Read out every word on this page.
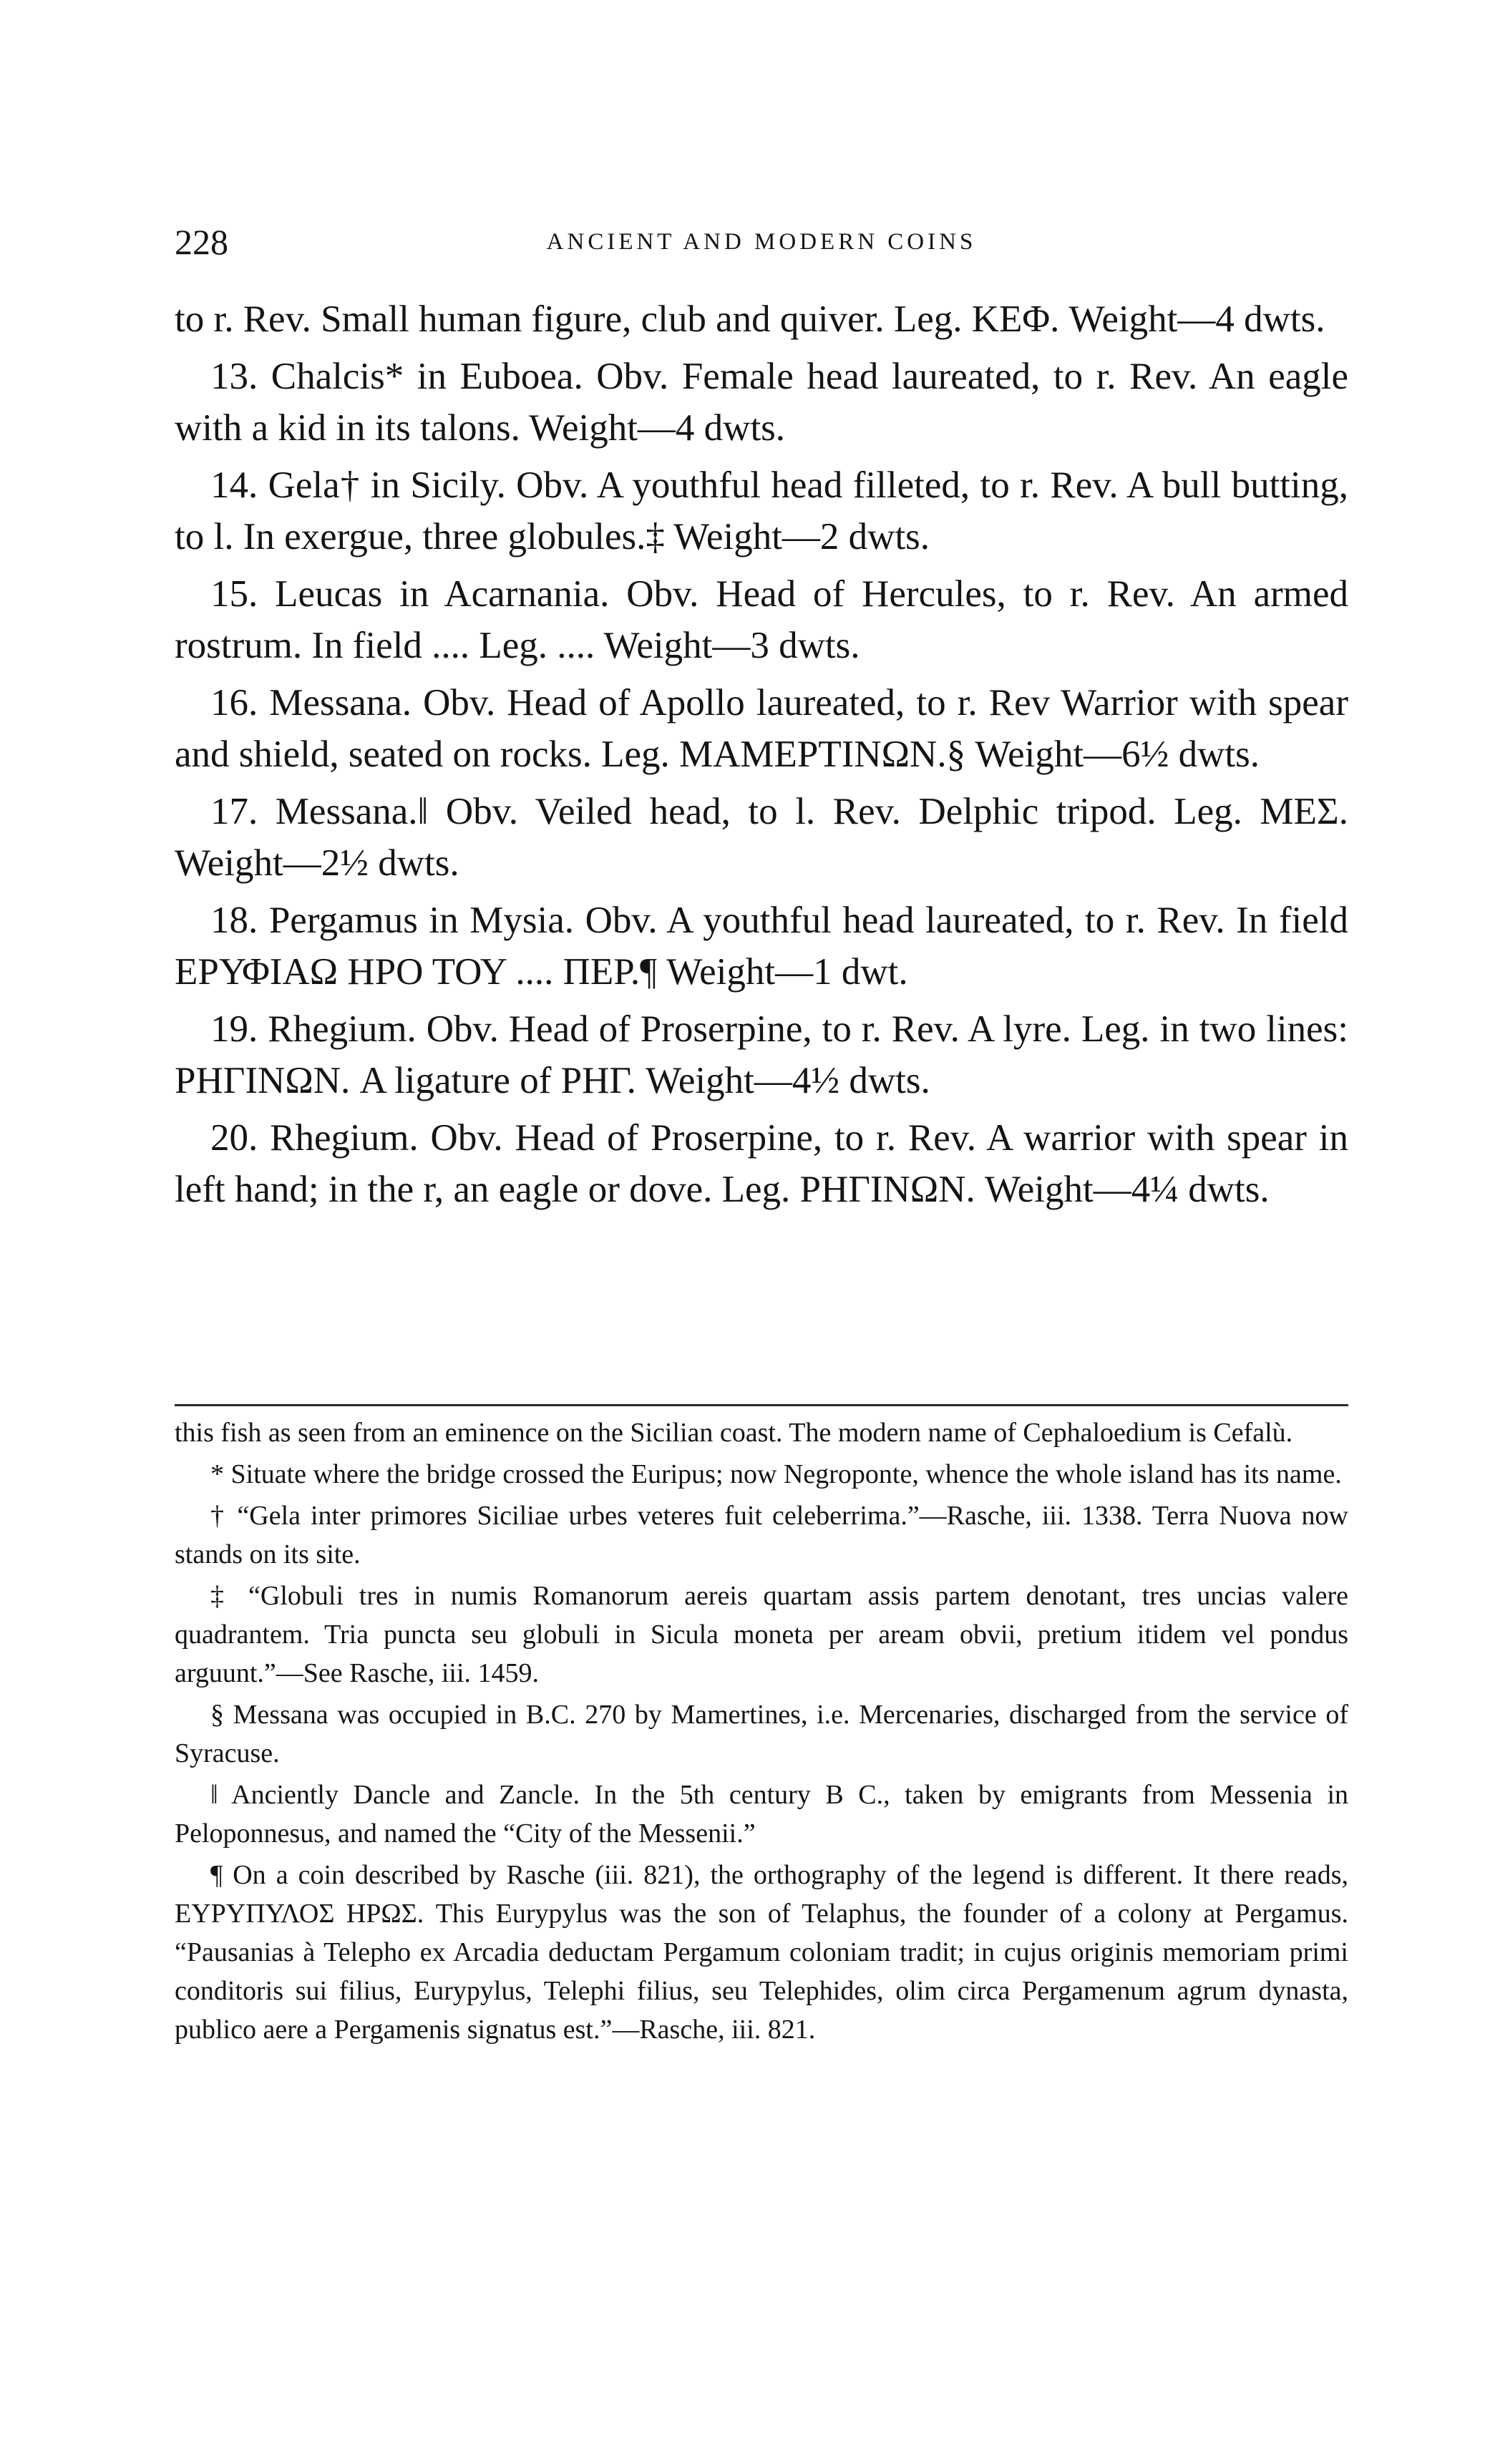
228	ANCIENT AND MODERN COINS

to r. Rev. Small human figure, club and quiver. Leg. ΚΕΦ. Weight—4 dwts.

13. Chalcis* in Euboea. Obv. Female head laureated, to r. Rev. An eagle with a kid in its talons. Weight—4 dwts.

14. Gela† in Sicily. Obv. A youthful head filleted, to r. Rev. A bull butting, to l. In exergue, three globules.‡ Weight—2 dwts.

15. Leucas in Acarnania. Obv. Head of Hercules, to r. Rev. An armed rostrum. In field .... Leg. .... Weight—3 dwts.

16. Messana. Obv. Head of Apollo laureated, to r. Rev Warrior with spear and shield, seated on rocks. Leg. ΜΑΜΕΡΤΙΝΩΝ.§ Weight—6½ dwts.

17. Messana.‖ Obv. Veiled head, to l. Rev. Delphic tripod. Leg. ΜΕΣ. Weight—2½ dwts.

18. Pergamus in Mysia. Obv. A youthful head laureated, to r. Rev. In field ΕΡΥΦΙΑΩ ΗΡΟ ΤΟΥ .... ΠΕΡ.¶ Weight—1 dwt.

19. Rhegium. Obv. Head of Proserpine, to r. Rev. A lyre. Leg. in two lines: ΡΗΓΙΝΩΝ. A ligature of ΡΗΓ. Weight—4½ dwts.

20. Rhegium. Obv. Head of Proserpine, to r. Rev. A warrior with spear in left hand; in the r, an eagle or dove. Leg. ΡΗΓΙΝΩΝ. Weight—4¼ dwts.

this fish as seen from an eminence on the Sicilian coast. The modern name of Cephaloedium is Cefalù.

* Situate where the bridge crossed the Euripus; now Negroponte, whence the whole island has its name.

† “Gela inter primores Siciliae urbes veteres fuit celeberrima.”—Rasche, iii. 1338. Terra Nuova now stands on its site.

‡ “Globuli tres in numis Romanorum aereis quartam assis partem denotant, tres uncias valere quadrantem. Tria puncta seu globuli in Sicula moneta per aream obvii, pretium itidem vel pondus arguunt.”—See Rasche, iii. 1459.

§ Messana was occupied in B.C. 270 by Mamertines, i.e. Mercenaries, discharged from the service of Syracuse.

‖ Anciently Dancle and Zancle. In the 5th century B C., taken by emigrants from Messenia in Peloponnesus, and named the “City of the Messenii.”

¶ On a coin described by Rasche (iii. 821), the orthography of the legend is different. It there reads, ΕΥΡΥΠΥΛΟΣ ΗΡΩΣ. This Eurypylus was the son of Telaphus, the founder of a colony at Pergamus. “Pausanias à Telepho ex Arcadia deductam Pergamum coloniam tradit; in cujus originis memoriam primi conditoris sui filius, Eurypylus, Telephi filius, seu Telephides, olim circa Pergamenum agrum dynasta, publico aere a Pergamenis signatus est.”—Rasche, iii. 821.
